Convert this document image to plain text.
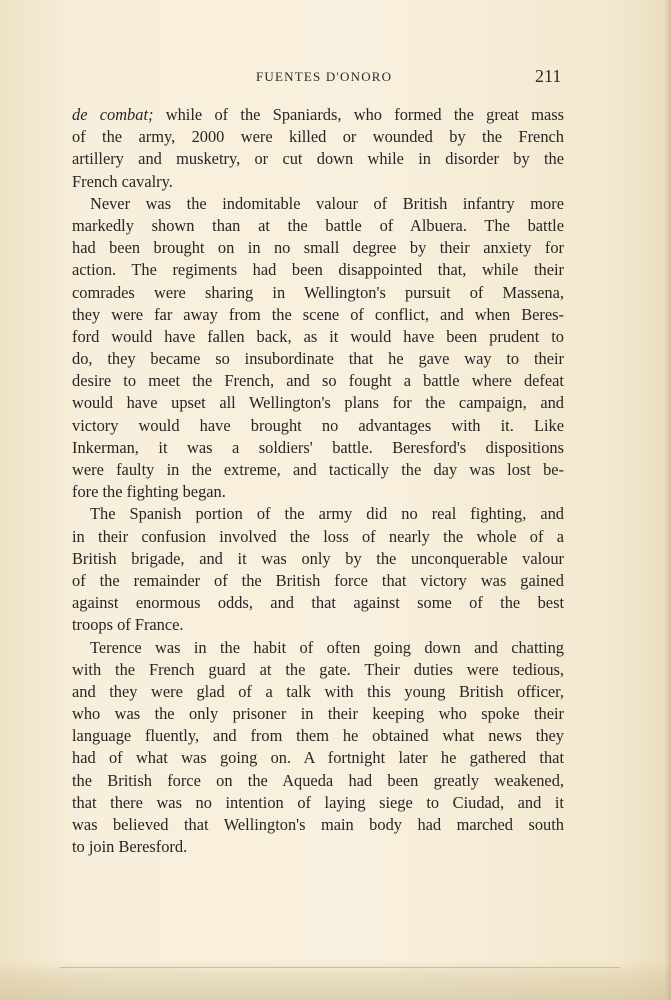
FUENTES D'ONORO	211
de combat; while of the Spaniards, who formed the great mass
of the army, 2000 were killed or wounded by the French
artillery and musketry, or cut down while in disorder by the
French cavalry.
Never was the indomitable valour of British infantry more
markedly shown than at the battle of Albuera. The battle
had been brought on in no small degree by their anxiety for
action. The regiments had been disappointed that, while their
comrades were sharing in Wellington's pursuit of Massena,
they were far away from the scene of conflict, and when Beres-
ford would have fallen back, as it would have been prudent to
do, they became so insubordinate that he gave way to their
desire to meet the French, and so fought a battle where defeat
would have upset all Wellington's plans for the campaign, and
victory would have brought no advantages with it. Like
Inkerman, it was a soldiers' battle. Beresford's dispositions
were faulty in the extreme, and tactically the day was lost be-
fore the fighting began.
The Spanish portion of the army did no real fighting, and
in their confusion involved the loss of nearly the whole of a
British brigade, and it was only by the unconquerable valour
of the remainder of the British force that victory was gained
against enormous odds, and that against some of the best
troops of France.
Terence was in the habit of often going down and chatting
with the French guard at the gate. Their duties were tedious,
and they were glad of a talk with this young British officer,
who was the only prisoner in their keeping who spoke their
language fluently, and from them he obtained what news they
had of what was going on. A fortnight later he gathered that
the British force on the Aqueda had been greatly weakened,
that there was no intention of laying siege to Ciudad, and it
was believed that Wellington's main body had marched south
to join Beresford.
